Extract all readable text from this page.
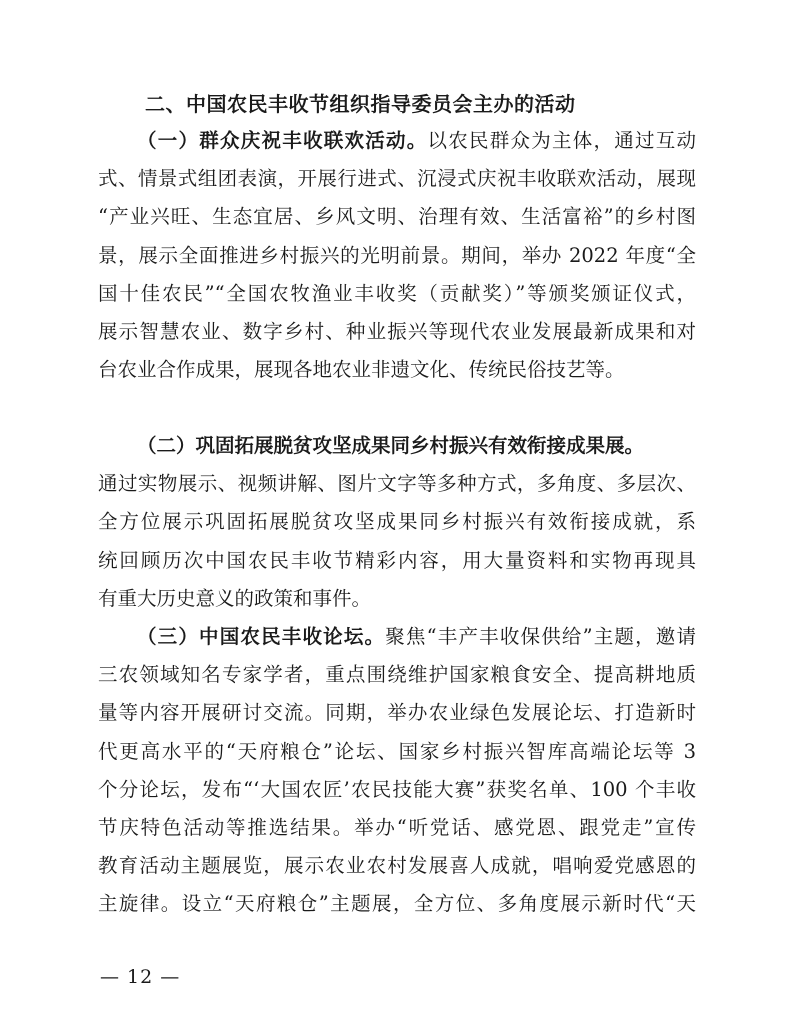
二、中国农民丰收节组织指导委员会主办的活动

（一）群众庆祝丰收联欢活动。以农民群众为主体，通过互动
式、情景式组团表演，开展行进式、沉浸式庆祝丰收联欢活动，展现
“产业兴旺、生态宜居、乡风文明、治理有效、生活富裕”的乡村图
景，展示全面推进乡村振兴的光明前景。期间，举办 2022 年度“全
国十佳农民”“全国农牧渔业丰收奖（贡献奖）”等颁奖颁证仪式，
展示智慧农业、数字乡村、种业振兴等现代农业发展最新成果和对
台农业合作成果，展现各地农业非遗文化、传统民俗技艺等。

（二）巩固拓展脱贫攻坚成果同乡村振兴有效衔接成果展。
通过实物展示、视频讲解、图片文字等多种方式，多角度、多层次、
全方位展示巩固拓展脱贫攻坚成果同乡村振兴有效衔接成就，系
统回顾历次中国农民丰收节精彩内容，用大量资料和实物再现具
有重大历史意义的政策和事件。

（三）中国农民丰收论坛。聚焦“丰产丰收保供给”主题，邀请
三农领域知名专家学者，重点围绕维护国家粮食安全、提高耕地质
量等内容开展研讨交流。同期，举办农业绿色发展论坛、打造新时
代更高水平的“天府粮仓”论坛、国家乡村振兴智库高端论坛等 3
个分论坛，发布“‘大国农匠’农民技能大赛”获奖名单、100 个丰收
节庆特色活动等推选结果。举办“听党话、感党恩、跟党走”宣传
教育活动主题展览，展示农业农村发展喜人成就，唱响爱党感恩的
主旋律。设立“天府粮仓”主题展，全方位、多角度展示新时代“天

— 12 —
